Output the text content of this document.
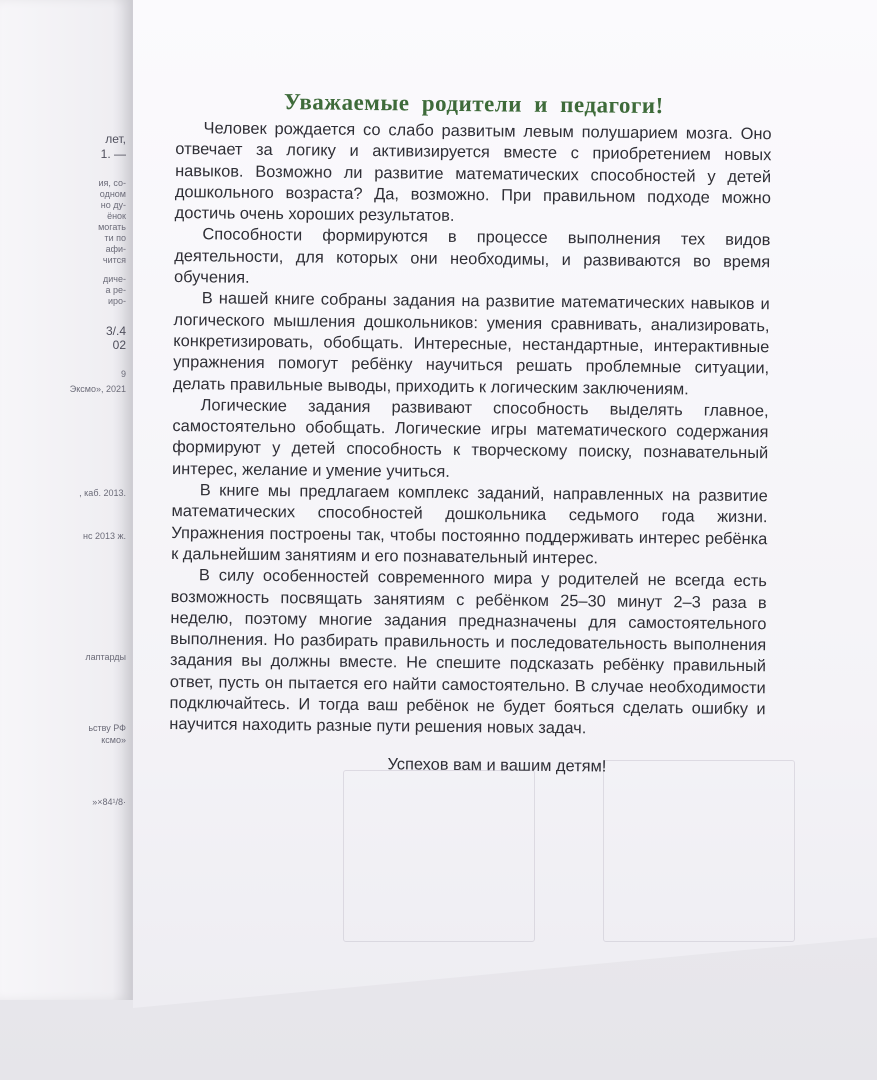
лет,
1. —
ия, со-
одном
но ду-
ёнок
могать
ти по
афи-
чится
диче-
а ре-
иро-
3/.4
02
9
Эксмо», 2021
, каб. 2013.
нс 2013 ж.
лаптарды
ьству РФ
ксмо»
»×84¹/8·
Уважаемые родители и педагоги!

Человек рождается со слабо развитым левым полушарием мозга. Оно отвечает за логику и активизируется вместе с приобретением новых навыков. Возможно ли развитие математических способностей у детей дошкольного возраста? Да, возможно. При правильном подходе можно достичь очень хороших результатов.

Способности формируются в процессе выполнения тех видов деятельности, для которых они необходимы, и развиваются во время обучения.

В нашей книге собраны задания на развитие математических навыков и логического мышления дошкольников: умения сравнивать, анализировать, конкретизировать, обобщать. Интересные, нестандартные, интерактивные упражнения помогут ребёнку научиться решать проблемные ситуации, делать правильные выводы, приходить к логическим заключениям.

Логические задания развивают способность выделять главное, самостоятельно обобщать. Логические игры математического содержания формируют у детей способность к творческому поиску, познавательный интерес, желание и умение учиться.

В книге мы предлагаем комплекс заданий, направленных на развитие математических способностей дошкольника седьмого года жизни. Упражнения построены так, чтобы постоянно поддерживать интерес ребёнка к дальнейшим занятиям и его познавательный интерес.

В силу особенностей современного мира у родителей не всегда есть возможность посвящать занятиям с ребёнком 25–30 минут 2–3 раза в неделю, поэтому многие задания предназначены для самостоятельного выполнения. Но разбирать правильность и последовательность выполнения задания вы должны вместе. Не спешите подсказать ребёнку правильный ответ, пусть он пытается его найти самостоятельно. В случае необходимости подключайтесь. И тогда ваш ребёнок не будет бояться сделать ошибку и научится находить разные пути решения новых задач.

Успехов вам и вашим детям!
